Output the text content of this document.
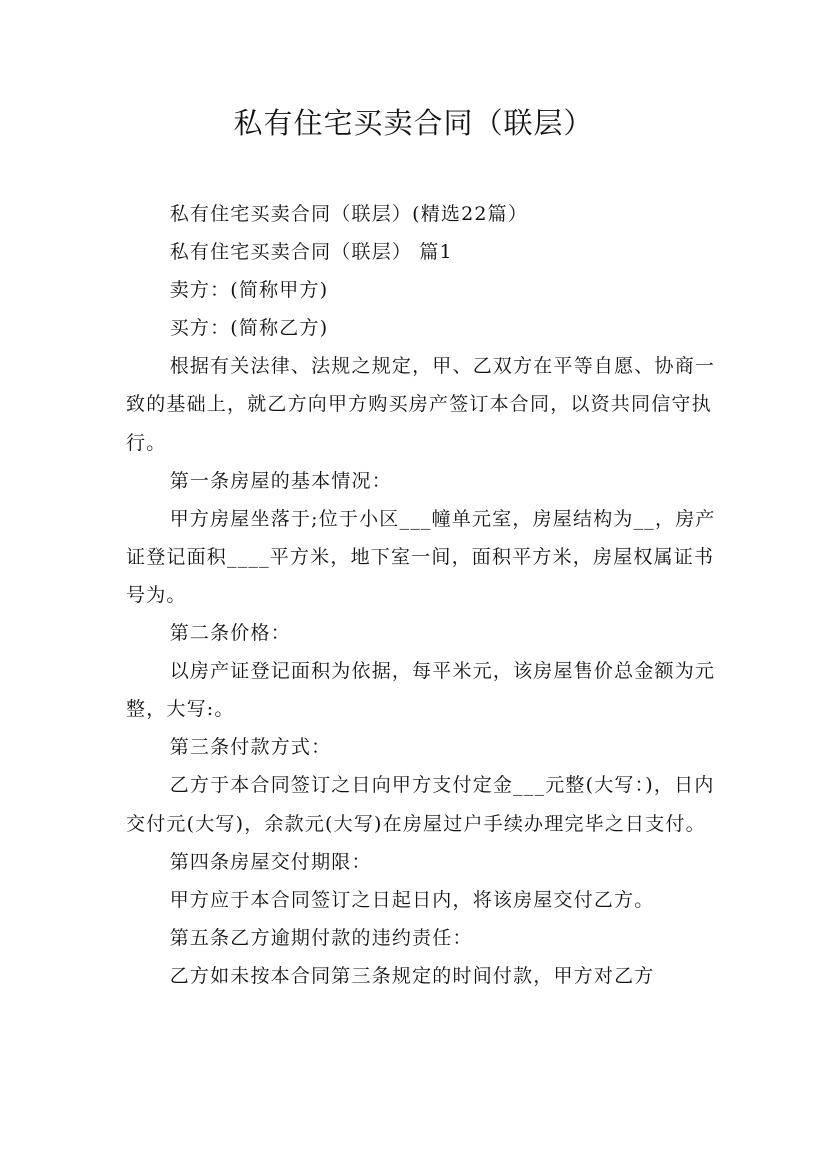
私有住宅买卖合同（联层）

私有住宅买卖合同（联层）(精选22篇）

私有住宅买卖合同（联层） 篇1

卖方：(简称甲方)

买方：(简称乙方)

根据有关法律、法规之规定，甲、乙双方在平等自愿、协商一致的基础上，就乙方向甲方购买房产签订本合同，以资共同信守执行。

第一条房屋的基本情况：

甲方房屋坐落于;位于小区___幢单元室，房屋结构为__，房产证登记面积____平方米，地下室一间，面积平方米，房屋权属证书号为。

第二条价格：

以房产证登记面积为依据，每平米元，该房屋售价总金额为元整，大写:。

第三条付款方式：

乙方于本合同签订之日向甲方支付定金___元整(大写：)，日内交付元(大写)，余款元(大写)在房屋过户手续办理完毕之日支付。

第四条房屋交付期限：

甲方应于本合同签订之日起日内，将该房屋交付乙方。

第五条乙方逾期付款的违约责任：

乙方如未按本合同第三条规定的时间付款，甲方对乙方
